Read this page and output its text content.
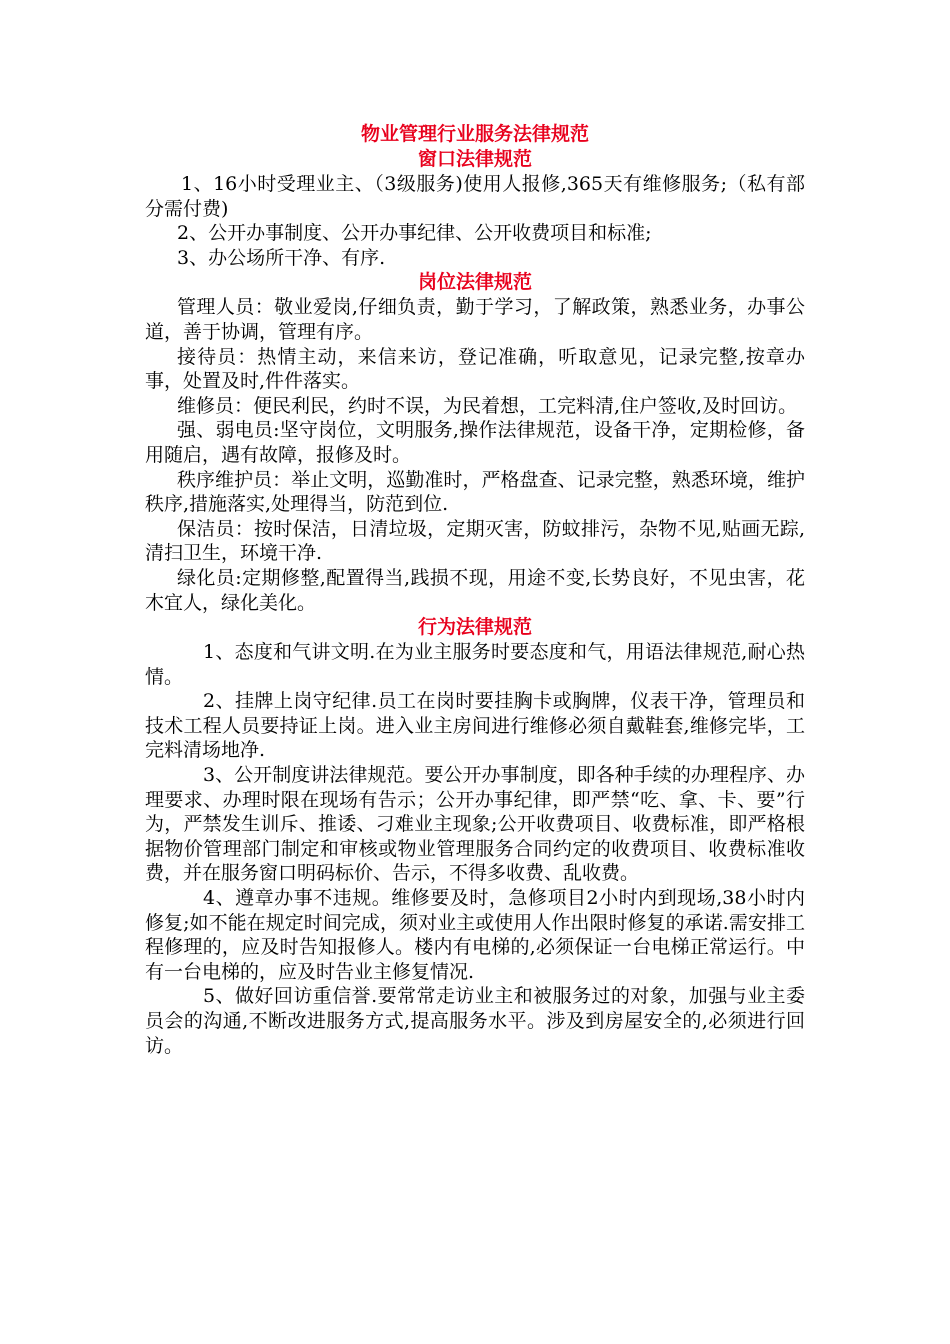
物业管理行业服务法律规范
窗口法律规范

1、16小时受理业主、（3级服务)使用人报修,365天有维修服务;（私有部分需付费)

2、公开办事制度、公开办事纪律、公开收费项目和标准;

3、办公场所干净、有序.

岗位法律规范

管理人员：敬业爱岗,仔细负责，勤于学习，了解政策，熟悉业务，办事公道，善于协调，管理有序。

接待员：热情主动，来信来访，登记准确，听取意见，记录完整,按章办事，处置及时,件件落实。

维修员：便民利民，约时不误，为民着想，工完料清,住户签收,及时回访。

强、弱电员:坚守岗位，文明服务,操作法律规范，设备干净，定期检修，备用随启，遇有故障，报修及时。

秩序维护员：举止文明，巡勤准时，严格盘查、记录完整，熟悉环境，维护秩序,措施落实,处理得当，防范到位.

保洁员：按时保洁，日清垃圾，定期灭害，防蚊排污，杂物不见,贴画无踪,清扫卫生，环境干净.

绿化员:定期修整,配置得当,践损不现，用途不变,长势良好，不见虫害，花木宜人，绿化美化。

行为法律规范

1、态度和气讲文明.在为业主服务时要态度和气，用语法律规范,耐心热情。

2、挂牌上岗守纪律.员工在岗时要挂胸卡或胸牌，仪表干净，管理员和技术工程人员要持证上岗。进入业主房间进行维修必须自戴鞋套,维修完毕，工完料清场地净.

3、公开制度讲法律规范。要公开办事制度，即各种手续的办理程序、办理要求、办理时限在现场有告示；公开办事纪律，即严禁“吃、拿、卡、要”行为，严禁发生训斥、推诿、刁难业主现象;公开收费项目、收费标准，即严格根据物价管理部门制定和审核或物业管理服务合同约定的收费项目、收费标准收费，并在服务窗口明码标价、告示，不得多收费、乱收费。

4、遵章办事不违规。维修要及时，急修项目2小时内到现场,38小时内修复;如不能在规定时间完成，须对业主或使用人作出限时修复的承诺.需安排工程修理的，应及时告知报修人。楼内有电梯的,必须保证一台电梯正常运行。中有一台电梯的，应及时告业主修复情况.

5、做好回访重信誉.要常常走访业主和被服务过的对象，加强与业主委员会的沟通,不断改进服务方式,提高服务水平。涉及到房屋安全的,必须进行回访。
